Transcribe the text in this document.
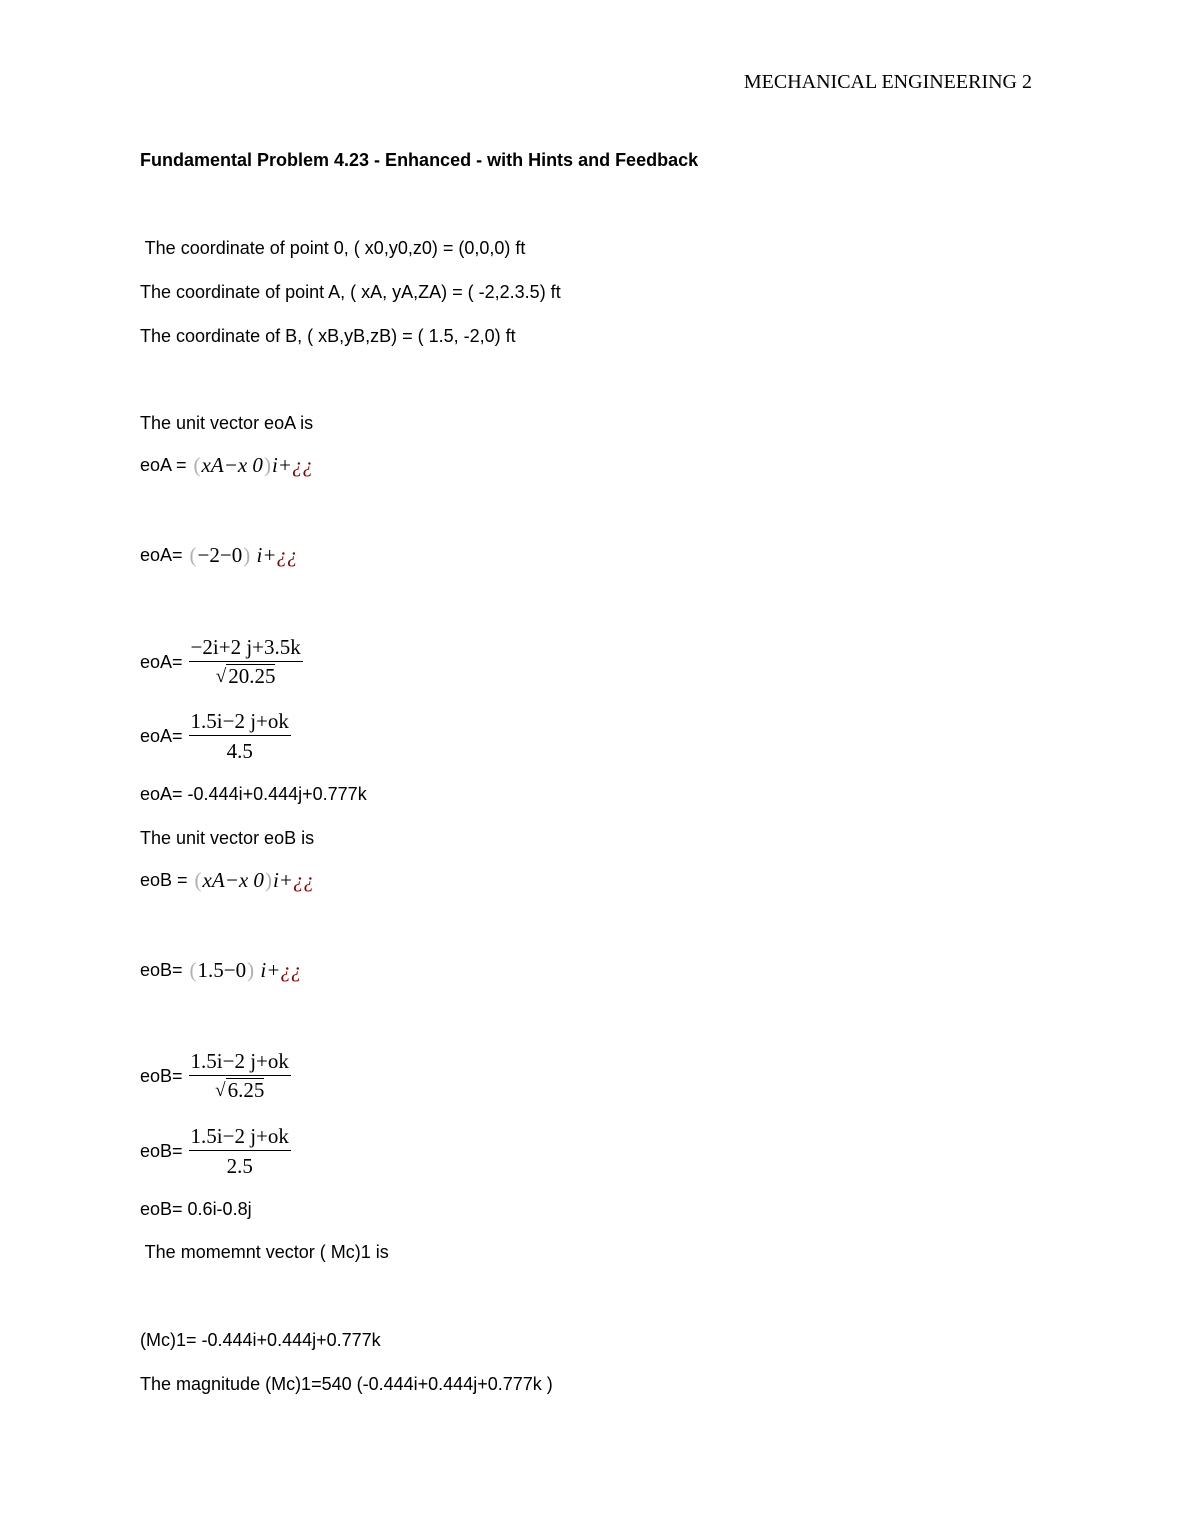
MECHANICAL ENGINEERING 2
Fundamental Problem 4.23 - Enhanced - with Hints and Feedback
The coordinate of point 0, ( x0,y0,z0) = (0,0,0) ft
The coordinate of point A, ( xA, yA,ZA) = ( -2,2.3.5) ft
The coordinate of B, ( xB,yB,zB) = ( 1.5, -2,0) ft
The unit vector eoA is
eoA = (xA−x 0)i+ ¿¿
eoA= (−2−0) i+ ¿¿
$eoA= \frac{-2i+2 j+3.5k}{√ 20.25}$
$eoA= \frac{1.5i-2 j+ok}{4.5}$
eoA= -0.444i+0.444j+0.777k
The unit vector eoB is
eoB = (xA−x 0)i+ ¿¿
eoB= (1.5−0) i+ ¿¿
$eoB= \frac{1.5i-2 j+ok}{√ 6.25}$
$eoB= \frac{1.5i-2 j+ok}{2.5}$
eoB= 0.6i-0.8j
The momemnt vector ( Mc)1 is
(Mc)1= -0.444i+0.444j+0.777k
The magnitude (Mc)1=540 (-0.444i+0.444j+0.777k )
